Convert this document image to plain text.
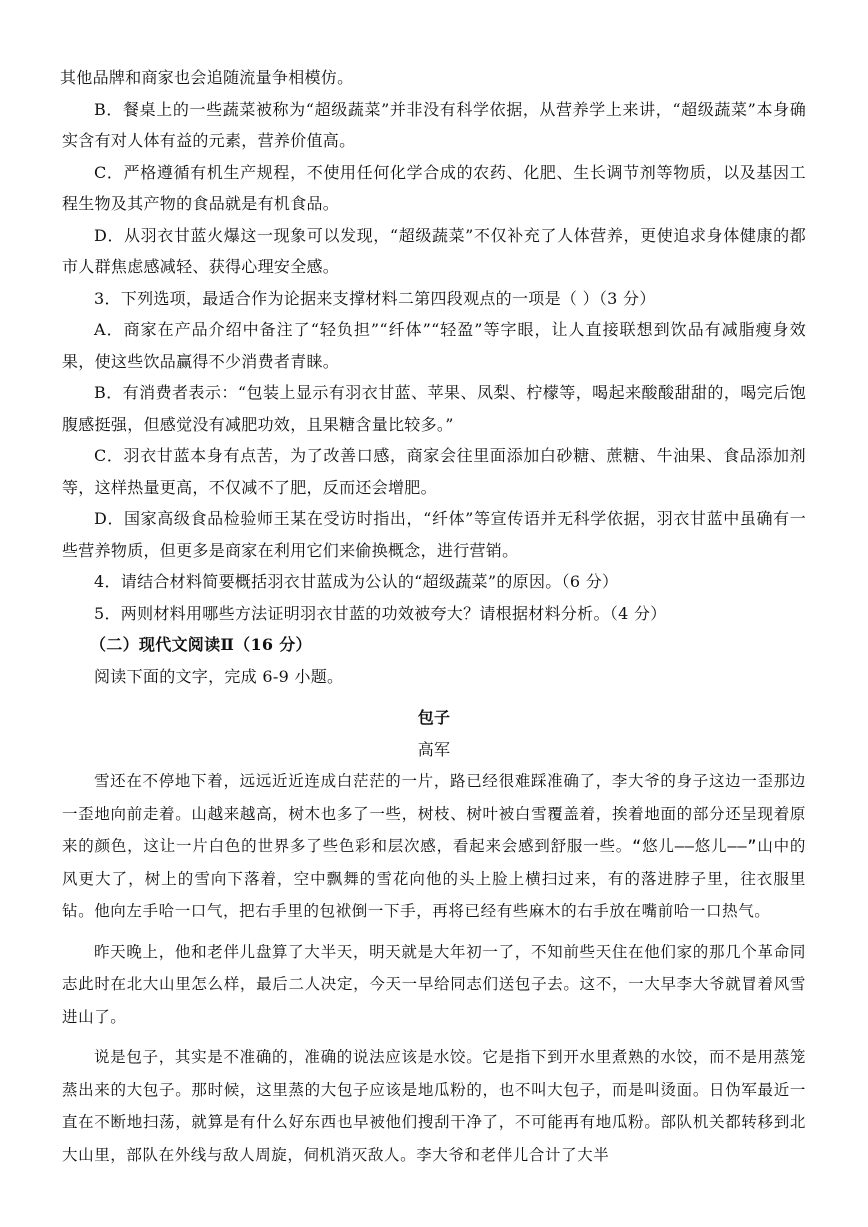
其他品牌和商家也会追随流量争相模仿。

B．餐桌上的一些蔬菜被称为“超级蔬菜”并非没有科学依据，从营养学上来讲，“超级蔬菜”本身确实含有对人体有益的元素，营养价值高。

C．严格遵循有机生产规程，不使用任何化学合成的农药、化肥、生长调节剂等物质，以及基因工程生物及其产物的食品就是有机食品。

D．从羽衣甘蓝火爆这一现象可以发现，“超级蔬菜”不仅补充了人体营养，更使追求身体健康的都市人群焦虑感减轻、获得心理安全感。

3．下列选项，最适合作为论据来支撑材料二第四段观点的一项是（ ）（3 分）

A．商家在产品介绍中备注了“轻负担”“纤体”“轻盈”等字眼，让人直接联想到饮品有减脂瘦身效果，使这些饮品赢得不少消费者青睐。

B．有消费者表示：“包装上显示有羽衣甘蓝、苹果、凤梨、柠檬等，喝起来酸酸甜甜的，喝完后饱腹感挺强，但感觉没有减肥功效，且果糖含量比较多。”

C．羽衣甘蓝本身有点苦，为了改善口感，商家会往里面添加白砂糖、蔗糖、牛油果、食品添加剂等，这样热量更高，不仅减不了肥，反而还会增肥。

D．国家高级食品检验师王某在受访时指出，“纤体”等宣传语并无科学依据，羽衣甘蓝中虽确有一些营养物质，但更多是商家在利用它们来偷换概念，进行营销。

4．请结合材料简要概括羽衣甘蓝成为公认的“超级蔬菜”的原因。（6 分）

5．两则材料用哪些方法证明羽衣甘蓝的功效被夸大？请根据材料分析。（4 分）

（二）现代文阅读Ⅱ（16 分）

阅读下面的文字，完成 6-9 小题。

包子

高军

雪还在不停地下着，远远近近连成白茫茫的一片，路已经很难踩准确了，李大爷的身子这边一歪那边一歪地向前走着。山越来越高，树木也多了一些，树枝、树叶被白雪覆盖着，挨着地面的部分还呈现着原来的颜色，这让一片白色的世界多了些色彩和层次感，看起来会感到舒服一些。“悠儿——悠儿——”山中的风更大了，树上的雪向下落着，空中飘舞的雪花向他的头上脸上横扫过来，有的落进脖子里，往衣服里钻。他向左手哈一口气，把右手里的包袱倒一下手，再将已经有些麻木的右手放在嘴前哈一口热气。

昨天晚上，他和老伴儿盘算了大半天，明天就是大年初一了，不知前些天住在他们家的那几个革命同志此时在北大山里怎么样，最后二人决定，今天一早给同志们送包子去。这不，一大早李大爷就冒着风雪进山了。

说是包子，其实是不准确的，准确的说法应该是水饺。它是指下到开水里煮熟的水饺，而不是用蒸笼蒸出来的大包子。那时候，这里蒸的大包子应该是地瓜粉的，也不叫大包子，而是叫烫面。日伪军最近一直在不断地扫荡，就算是有什么好东西也早被他们搜刮干净了，不可能再有地瓜粉。部队机关都转移到北大山里，部队在外线与敌人周旋，伺机消灭敌人。李大爷和老伴儿合计了大半
